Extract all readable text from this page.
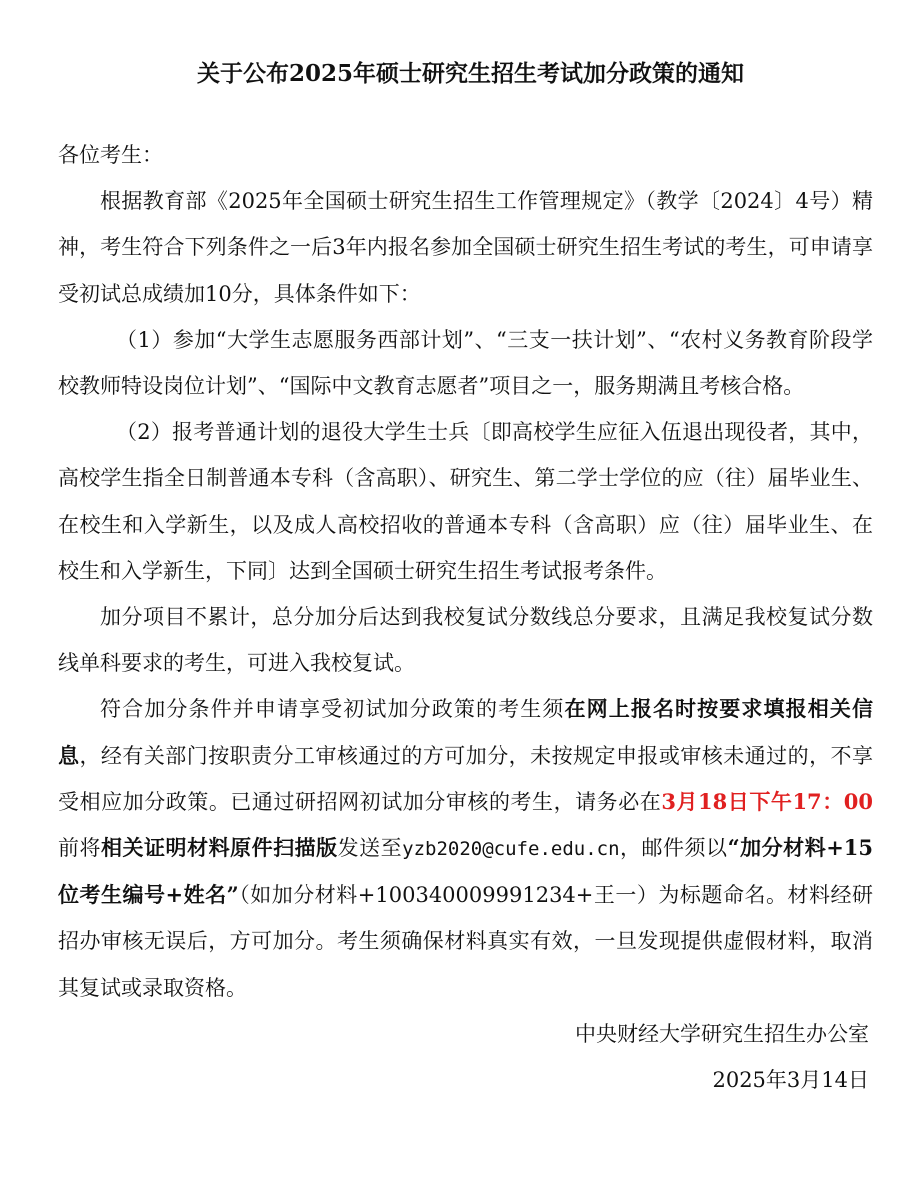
关于公布2025年硕士研究生招生考试加分政策的通知

各位考生：

根据教育部《2025年全国硕士研究生招生工作管理规定》（教学〔2024〕4号）精神，考生符合下列条件之一后3年内报名参加全国硕士研究生招生考试的考生，可申请享受初试总成绩加10分，具体条件如下：

（1）参加“大学生志愿服务西部计划”、“三支一扶计划”、“农村义务教育阶段学校教师特设岗位计划”、“国际中文教育志愿者”项目之一，服务期满且考核合格。

（2）报考普通计划的退役大学生士兵〔即高校学生应征入伍退出现役者，其中，高校学生指全日制普通本专科（含高职）、研究生、第二学士学位的应（往）届毕业生、在校生和入学新生，以及成人高校招收的普通本专科（含高职）应（往）届毕业生、在校生和入学新生，下同〕达到全国硕士研究生招生考试报考条件。

加分项目不累计，总分加分后达到我校复试分数线总分要求，且满足我校复试分数线单科要求的考生，可进入我校复试。

符合加分条件并申请享受初试加分政策的考生须在网上报名时按要求填报相关信息，经有关部门按职责分工审核通过的方可加分，未按规定申报或审核未通过的，不享受相应加分政策。已通过研招网初试加分审核的考生，请务必在3月18日下午17：00前将相关证明材料原件扫描版发送至yzb2020@cufe.edu.cn，邮件须以“加分材料+15位考生编号+姓名”（如加分材料+100340009991234+王一）为标题命名。材料经研招办审核无误后，方可加分。考生须确保材料真实有效，一旦发现提供虚假材料，取消其复试或录取资格。

中央财经大学研究生招生办公室
2025年3月14日
